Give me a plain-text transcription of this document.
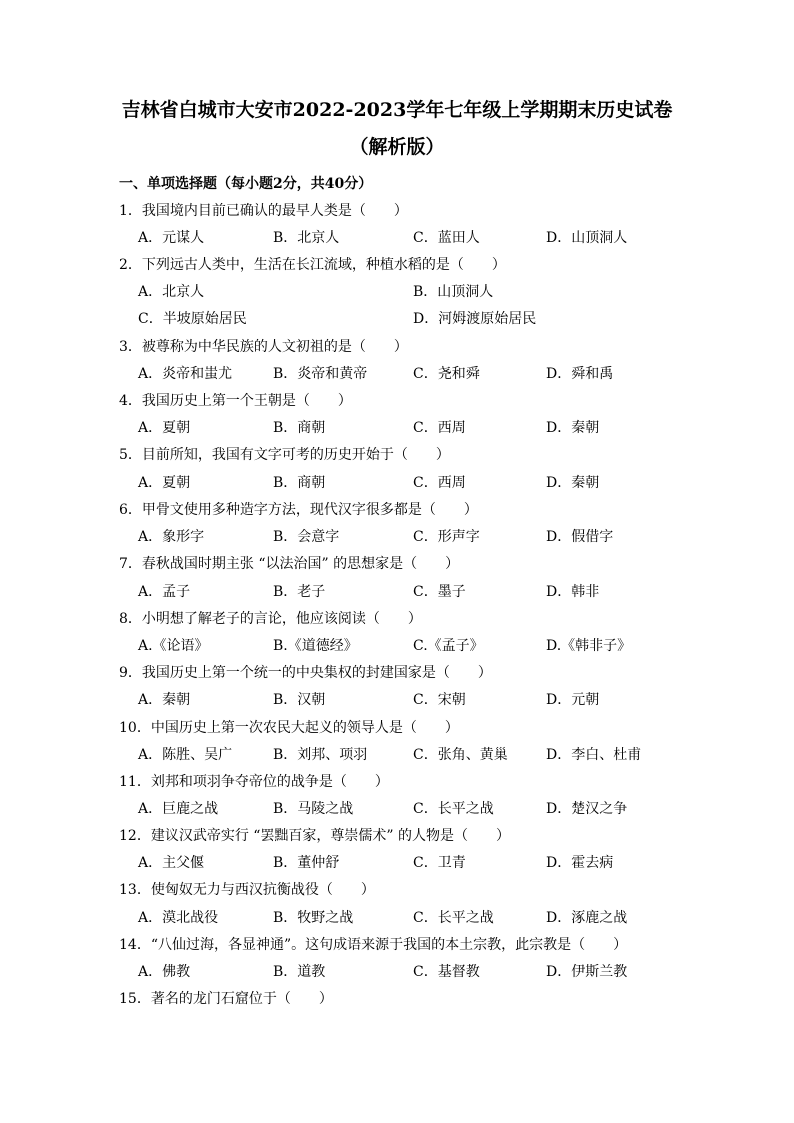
吉林省白城市大安市2022-2023学年七年级上学期期末历史试卷
（解析版）
一、单项选择题（每小题2分，共40分）
1．我国境内目前已确认的最早人类是（　　）
A．元谋人	B．北京人	C．蓝田人	D．山顶洞人
2．下列远古人类中，生活在长江流域，种植水稻的是（　　）
A．北京人	B．山顶洞人
C．半坡原始居民	D．河姆渡原始居民
3．被尊称为中华民族的人文初祖的是（　　）
A．炎帝和蚩尤	B．炎帝和黄帝	C．尧和舜	D．舜和禹
4．我国历史上第一个王朝是（　　）
A．夏朝	B．商朝	C．西周	D．秦朝
5．目前所知，我国有文字可考的历史开始于（　　）
A．夏朝	B．商朝	C．西周	D．秦朝
6．甲骨文使用多种造字方法，现代汉字很多都是（　　）
A．象形字	B．会意字	C．形声字	D．假借字
7．春秋战国时期主张 “以法治国” 的思想家是（　　）
A．孟子	B．老子	C．墨子	D．韩非
8．小明想了解老子的言论，他应该阅读（　　）
A.《论语》	B.《道德经》	C.《孟子》	D.《韩非子》
9．我国历史上第一个统一的中央集权的封建国家是（　　）
A．秦朝	B．汉朝	C．宋朝	D．元朝
10．中国历史上第一次农民大起义的领导人是（　　）
A．陈胜、吴广	B．刘邦、项羽	C．张角、黄巢	D．李白、杜甫
11．刘邦和项羽争夺帝位的战争是（　　）
A．巨鹿之战	B．马陵之战	C．长平之战	D．楚汉之争
12．建议汉武帝实行 “罢黜百家，尊崇儒术” 的人物是（　　）
A．主父偃	B．董仲舒	C．卫青	D．霍去病
13．使匈奴无力与西汉抗衡战役（　　）
A．漠北战役	B．牧野之战	C．长平之战	D．涿鹿之战
14．“八仙过海，各显神通”。这句成语来源于我国的本土宗教，此宗教是（　　）
A．佛教	B．道教	C．基督教	D．伊斯兰教
15．著名的龙门石窟位于（　　）
